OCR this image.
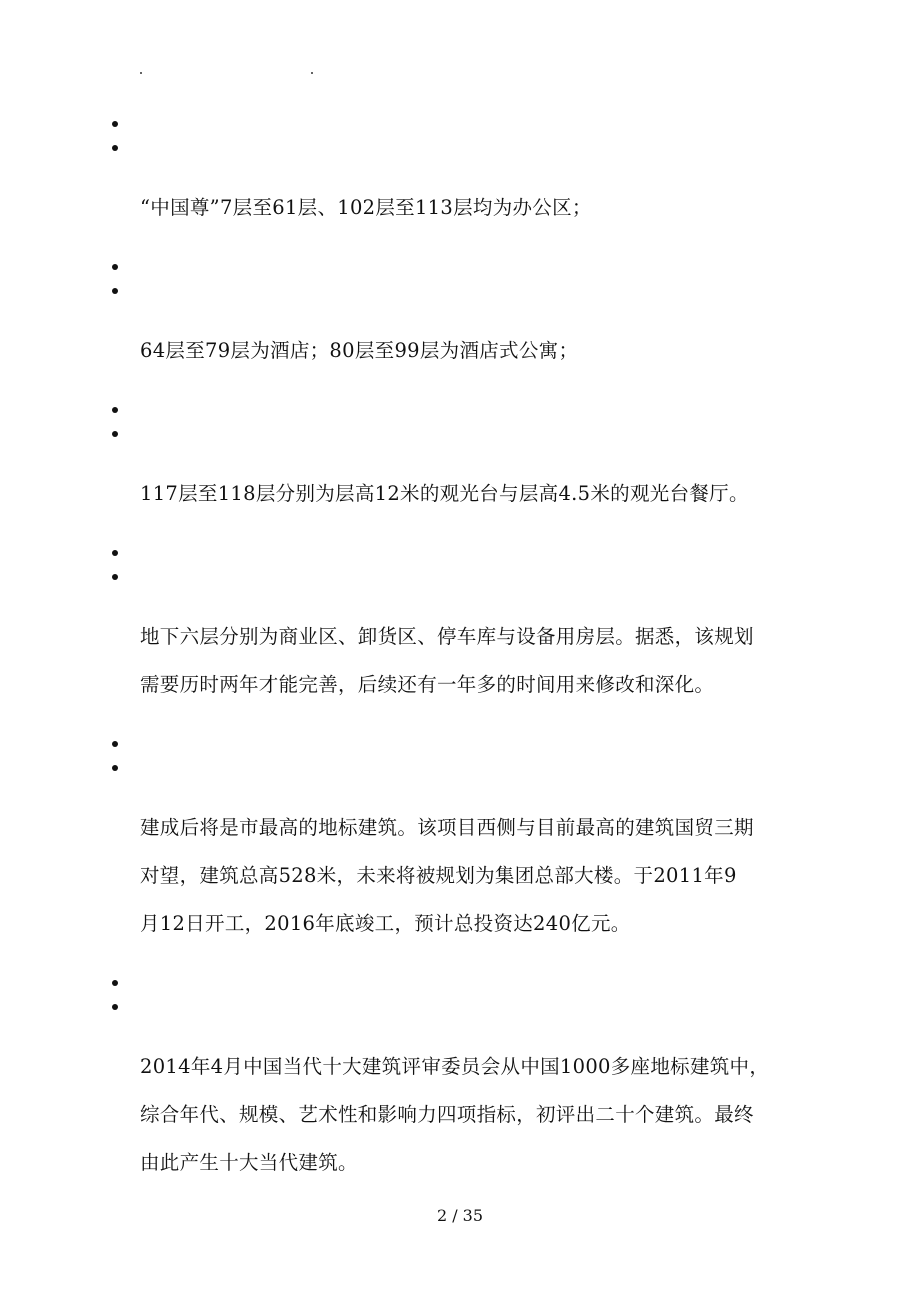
“中国尊”7层至61层、102层至113层均为办公区；

64层至79层为酒店；80层至99层为酒店式公寓；

117层至118层分别为层高12米的观光台与层高4.5米的观光台餐厅。

地下六层分别为商业区、卸货区、停车库与设备用房层。据悉，该规划
需要历时两年才能完善，后续还有一年多的时间用来修改和深化。

建成后将是市最高的地标建筑。该项目西侧与目前最高的建筑国贸三期
对望，建筑总高528米，未来将被规划为集团总部大楼。于2011年9
月12日开工，2016年底竣工，预计总投资达240亿元。

2014年4月中国当代十大建筑评审委员会从中国1000多座地标建筑中，
综合年代、规模、艺术性和影响力四项指标，初评出二十个建筑。最终
由此产生十大当代建筑。

2 / 35
